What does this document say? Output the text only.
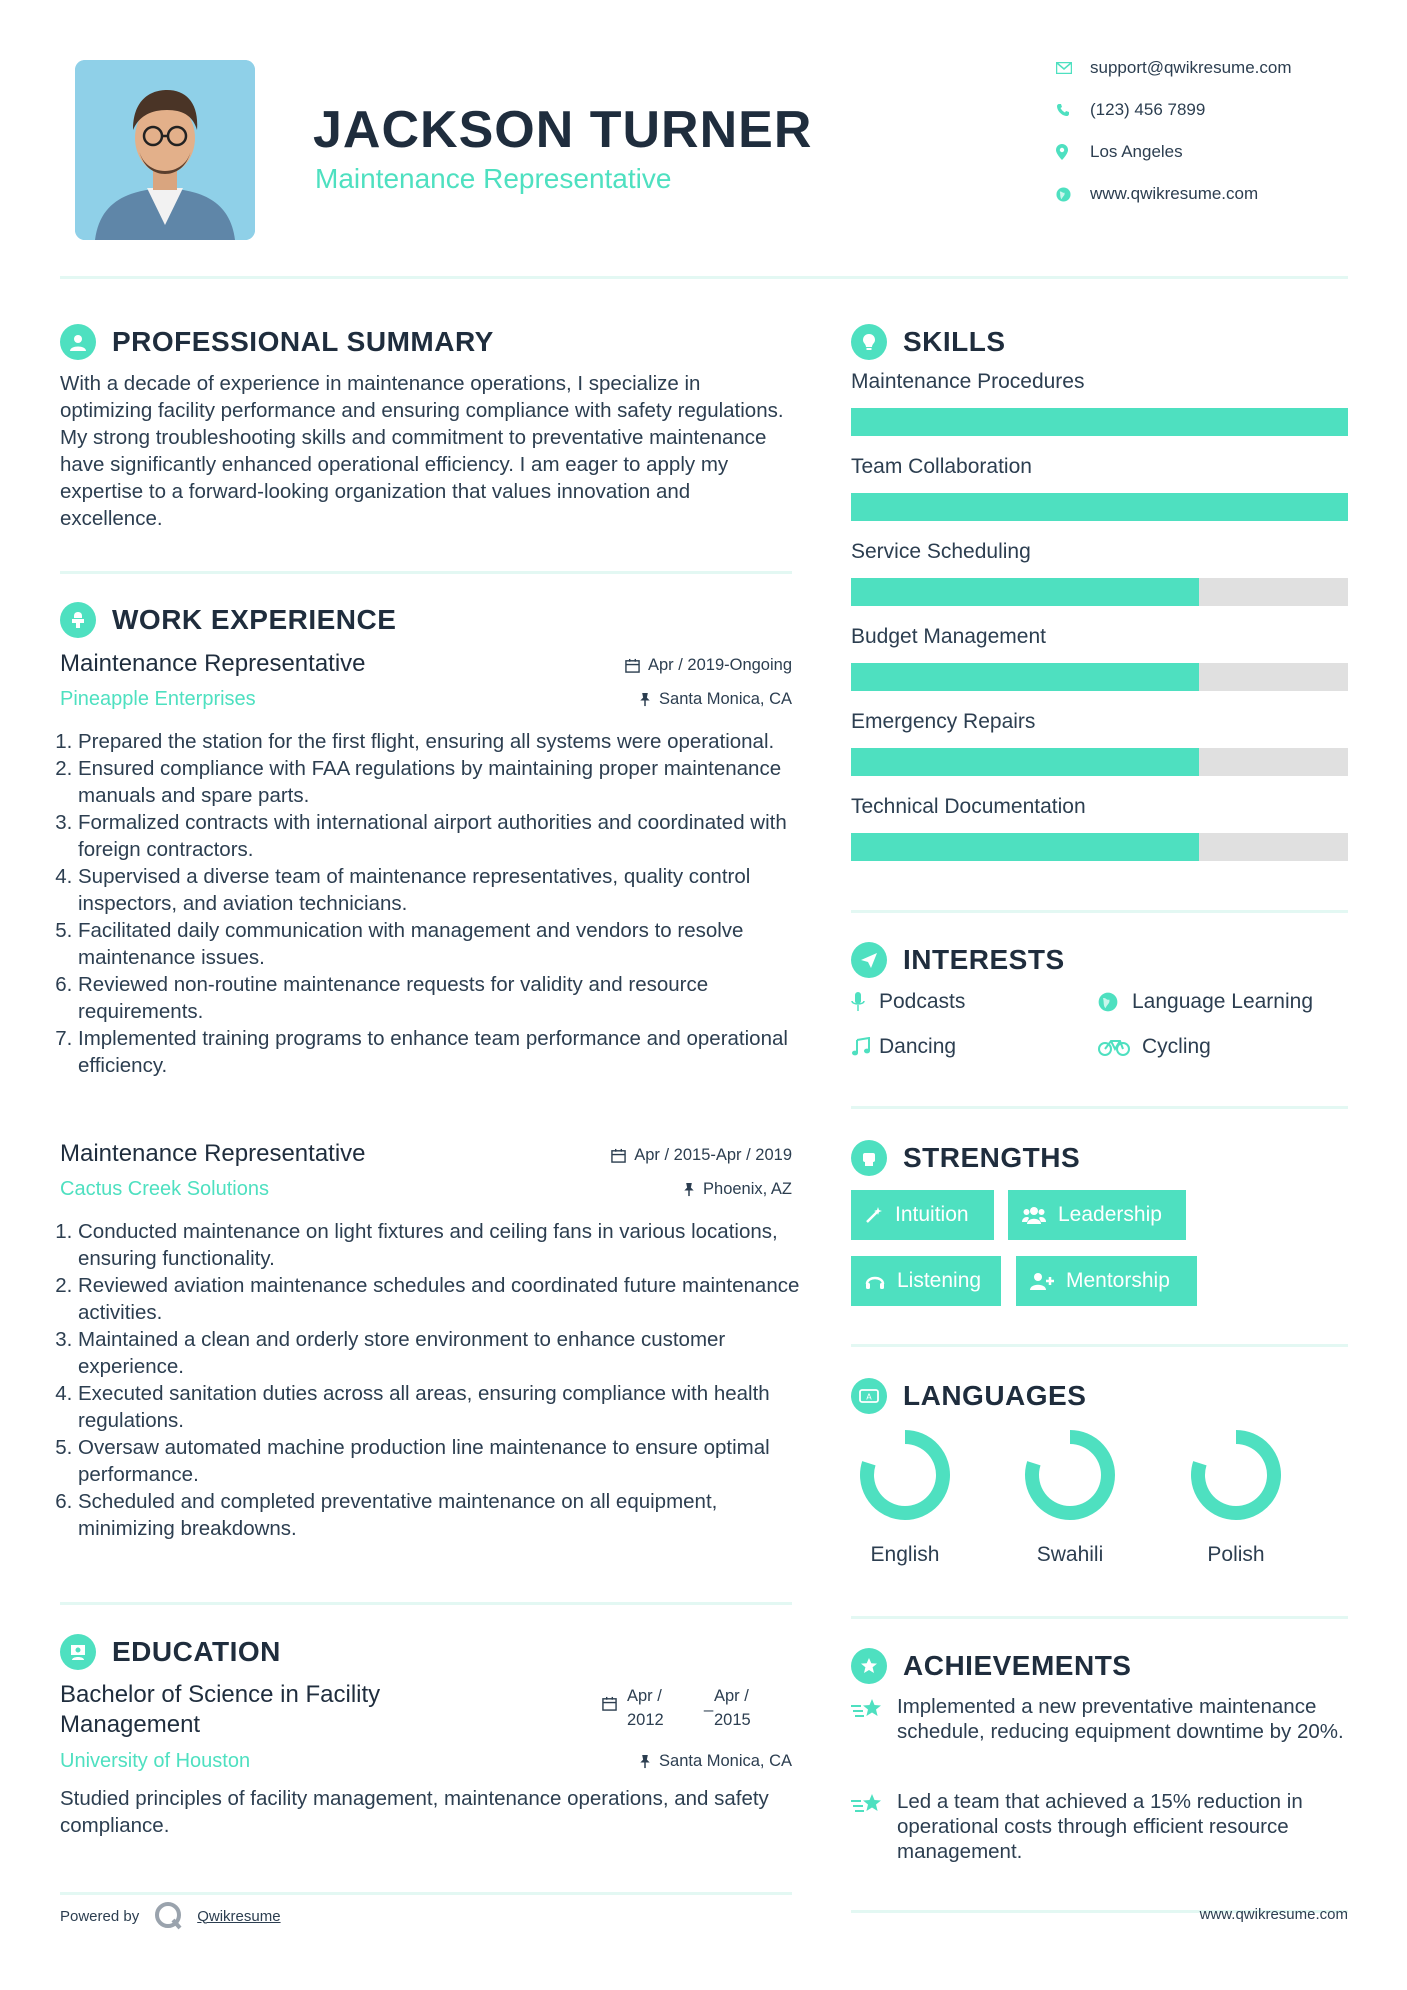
JACKSON TURNER
Maintenance Representative
support@qwikresume.com
(123) 456 7899
Los Angeles
www.qwikresume.com
PROFESSIONAL SUMMARY
With a decade of experience in maintenance operations, I specialize in optimizing facility performance and ensuring compliance with safety regulations. My strong troubleshooting skills and commitment to preventative maintenance have significantly enhanced operational efficiency. I am eager to apply my expertise to a forward-looking organization that values innovation and excellence.
WORK EXPERIENCE
Maintenance Representative
Pineapple Enterprises
Apr / 2019-Ongoing
Santa Monica, CA
1. Prepared the station for the first flight, ensuring all systems were operational.
2. Ensured compliance with FAA regulations by maintaining proper maintenance manuals and spare parts.
3. Formalized contracts with international airport authorities and coordinated with foreign contractors.
4. Supervised a diverse team of maintenance representatives, quality control inspectors, and aviation technicians.
5. Facilitated daily communication with management and vendors to resolve maintenance issues.
6. Reviewed non-routine maintenance requests for validity and resource requirements.
7. Implemented training programs to enhance team performance and operational efficiency.
Maintenance Representative
Cactus Creek Solutions
Apr / 2015-Apr / 2019
Phoenix, AZ
1. Conducted maintenance on light fixtures and ceiling fans in various locations, ensuring functionality.
2. Reviewed aviation maintenance schedules and coordinated future maintenance activities.
3. Maintained a clean and orderly store environment to enhance customer experience.
4. Executed sanitation duties across all areas, ensuring compliance with health regulations.
5. Oversaw automated machine production line maintenance to ensure optimal performance.
6. Scheduled and completed preventative maintenance on all equipment, minimizing breakdowns.
EDUCATION
Bachelor of Science in Facility
Management
University of Houston
Apr /
2012
_ Apr /
2015
Santa Monica, CA
Studied principles of facility management, maintenance operations, and safety compliance.
Powered by	Qwikresume
SKILLS
Maintenance Procedures
Team Collaboration
Service Scheduling
Budget Management
Emergency Repairs
Technical Documentation
INTERESTS
Podcasts	Language Learning
Dancing	Cycling
STRENGTHS
Intuition	Leadership
Listening	Mentorship
A LANGUAGES
English	Swahili	Polish
ACHIEVEMENTS
Implemented a new preventative maintenance schedule, reducing equipment downtime by 20%.
Led a team that achieved a 15% reduction in operational costs through efficient resource management.
www.qwikresume.com
